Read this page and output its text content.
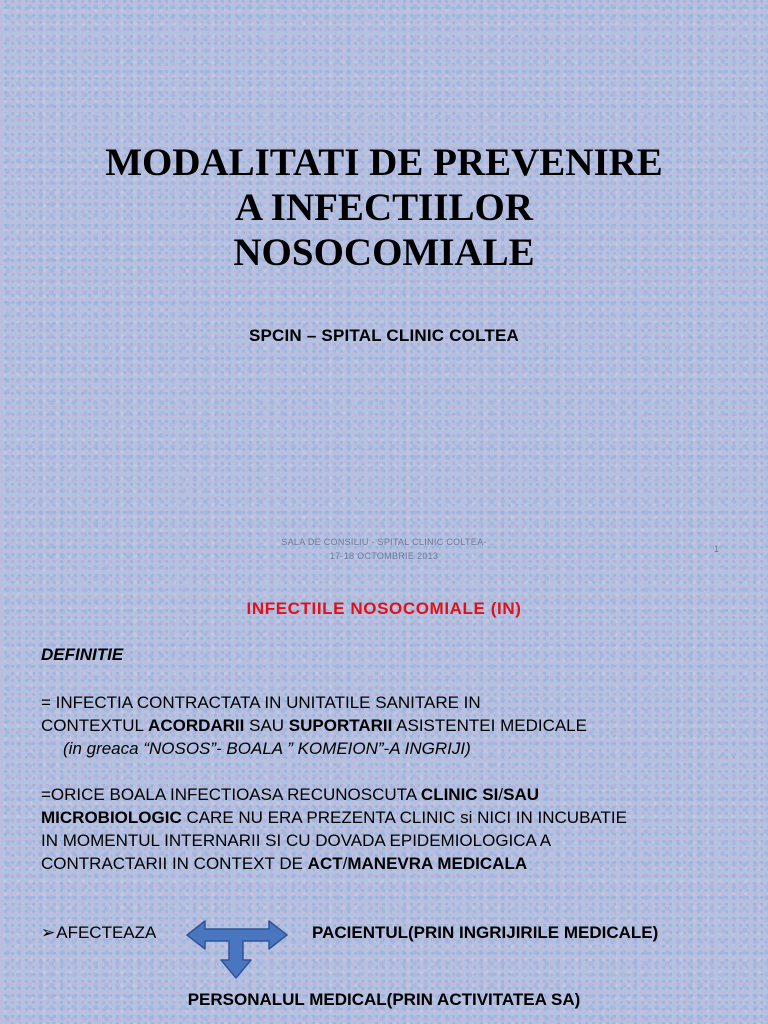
MODALITATI DE PREVENIRE
A INFECTIILOR
NOSOCOMIALE
SPCIN – SPITAL CLINIC COLTEA
SALA DE CONSILIU - SPITAL CLINIC COLTEA-
17-18 OCTOMBRIE 2013
1
INFECTIILE NOSOCOMIALE (IN)
DEFINITIE
= INFECTIA CONTRACTATA IN UNITATILE SANITARE IN
CONTEXTUL ACORDARII SAU SUPORTARII ASISTENTEI MEDICALE
(in greaca “NOSOS”- BOALA ” KOMEION”-A INGRIJI)
=ORICE BOALA INFECTIOASA RECUNOSCUTA CLINIC SI/SAU
MICROBIOLOGIC CARE NU ERA PREZENTA CLINIC si NICI IN INCUBATIE
IN MOMENTUL INTERNARII SI CU DOVADA EPIDEMIOLOGICA A
CONTRACTARII IN CONTEXT DE ACT/MANEVRA MEDICALA
➢AFECTEAZA	PACIENTUL(PRIN INGRIJIRILE MEDICALE)
PERSONALUL MEDICAL(PRIN ACTIVITATEA SA)
